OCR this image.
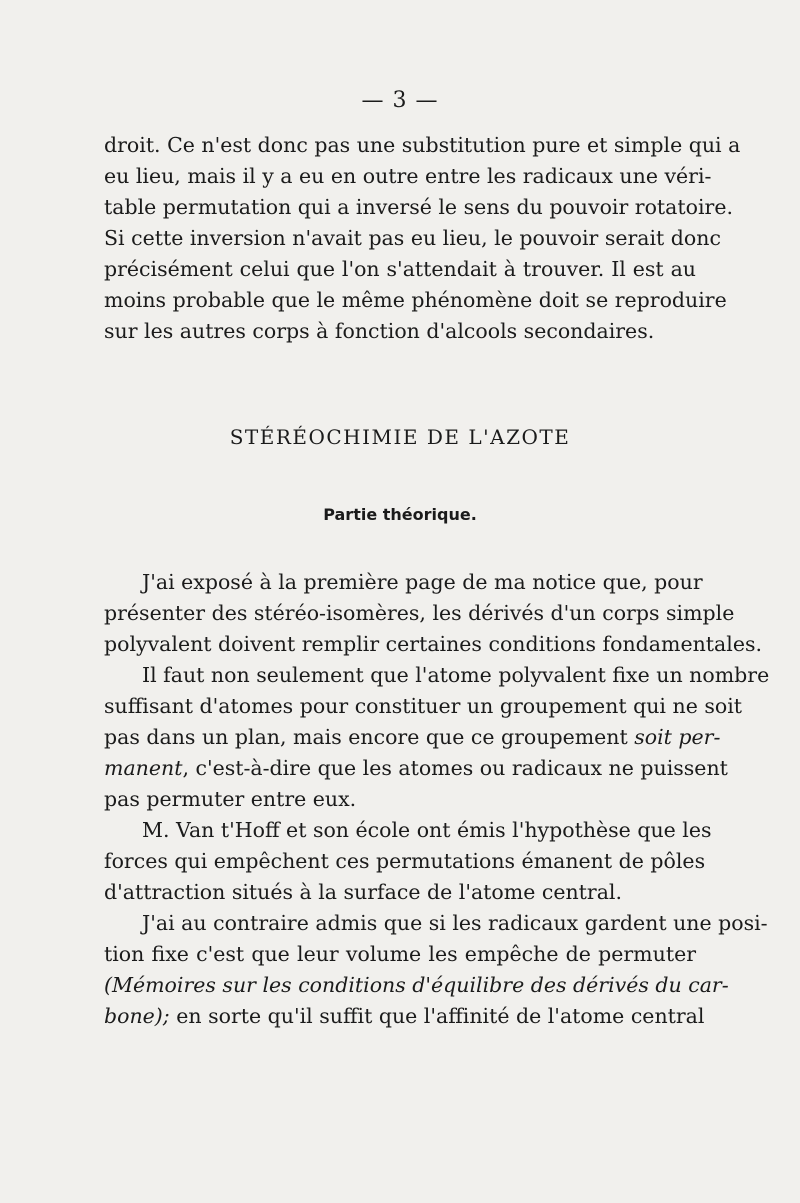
— 3 —
droit. Ce n'est donc pas une substitution pure et simple qui a
eu lieu, mais il y a eu en outre entre les radicaux une véri-
table permutation qui a inversé le sens du pouvoir rotatoire.
Si cette inversion n'avait pas eu lieu, le pouvoir serait donc
précisément celui que l'on s'attendait à trouver. Il est au
moins probable que le même phénomène doit se reproduire
sur les autres corps à fonction d'alcools secondaires.
STÉRÉOCHIMIE DE L'AZOTE
Partie théorique.
J'ai exposé à la première page de ma notice que, pour
présenter des stéréo-isomères, les dérivés d'un corps simple
polyvalent doivent remplir certaines conditions fondamentales.
Il faut non seulement que l'atome polyvalent fixe un nombre
suffisant d'atomes pour constituer un groupement qui ne soit
pas dans un plan, mais encore que ce groupement soit per-
manent, c'est-à-dire que les atomes ou radicaux ne puissent
pas permuter entre eux.
M. Van t'Hoff et son école ont émis l'hypothèse que les
forces qui empêchent ces permutations émanent de pôles
d'attraction situés à la surface de l'atome central.
J'ai au contraire admis que si les radicaux gardent une posi-
tion fixe c'est que leur volume les empêche de permuter
(Mémoires sur les conditions d'équilibre des dérivés du car-
bone); en sorte qu'il suffit que l'affinité de l'atome central
